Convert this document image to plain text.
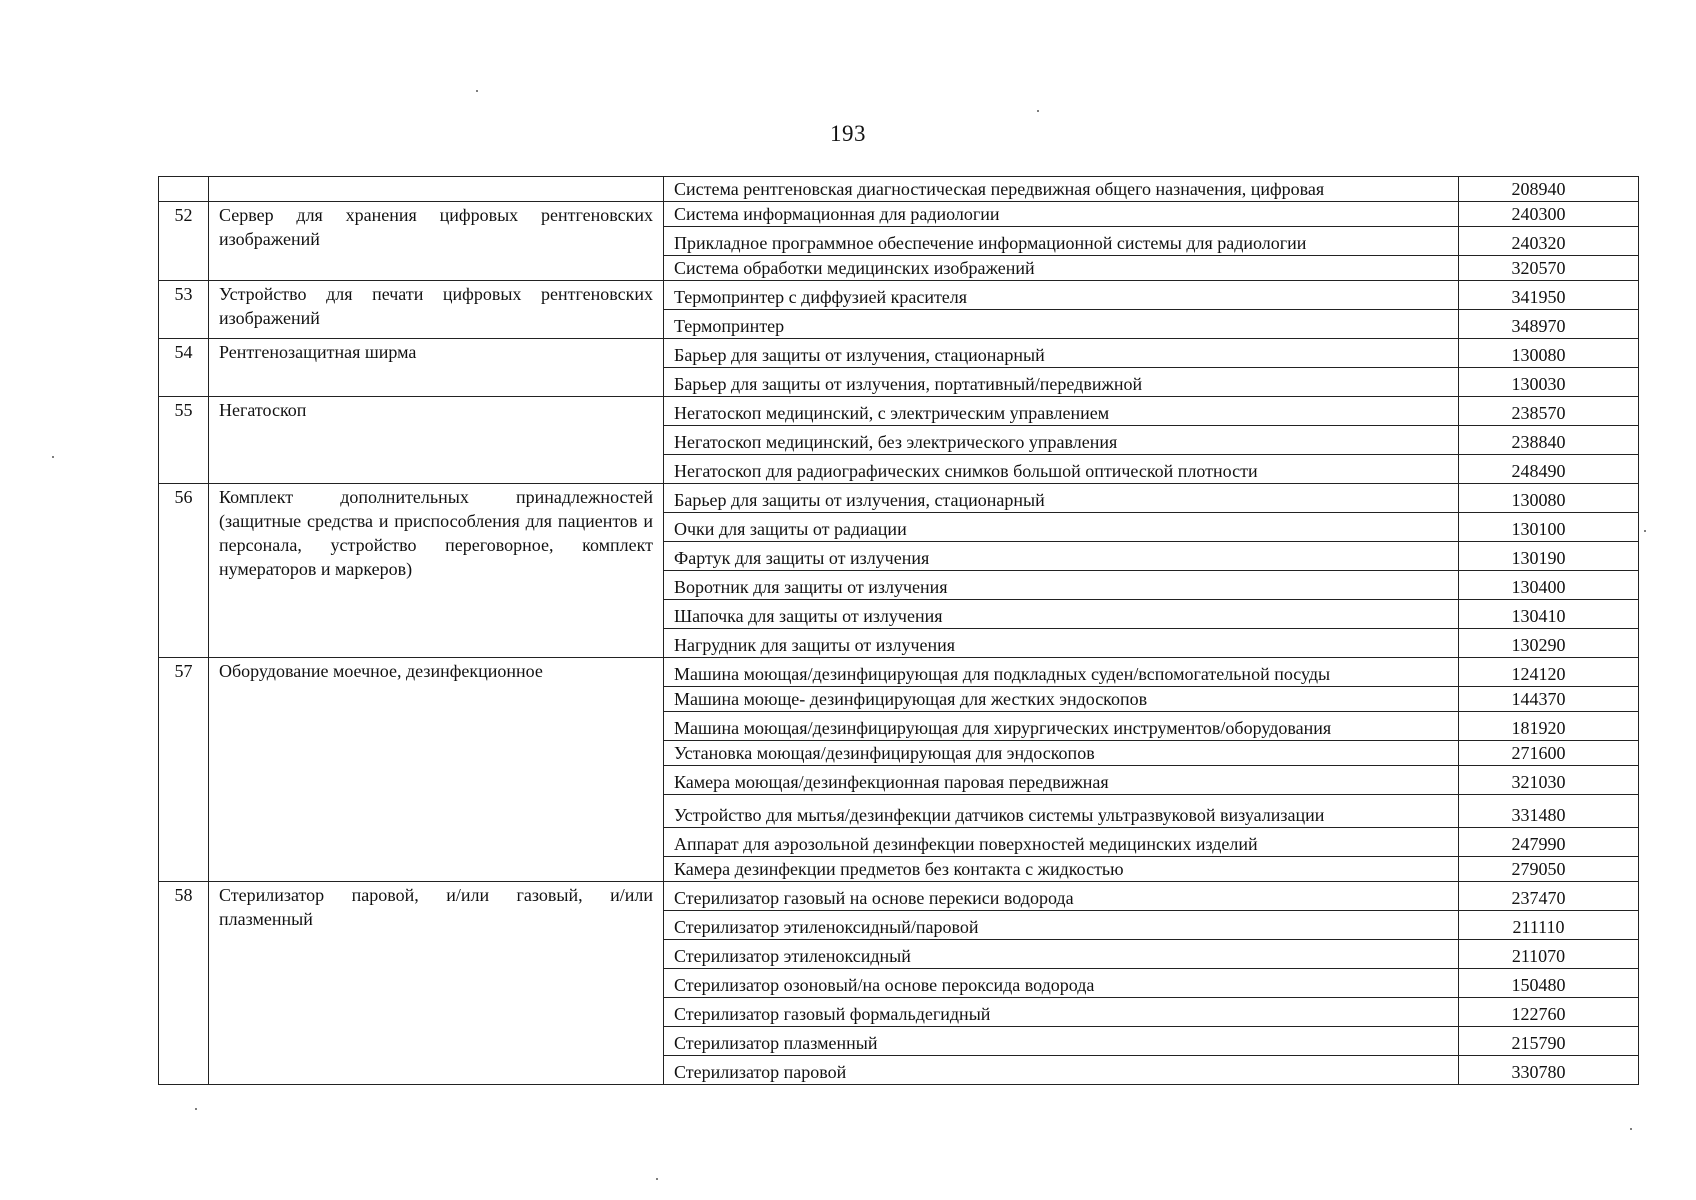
193
		Система рентгеновская диагностическая передвижная общего назначения, цифровая	208940
52	Сервер для хранения цифровых рентгеновских изображений	Система информационная для радиологии	240300
		Прикладное программное обеспечение информационной системы для радиологии	240320
		Система обработки медицинских изображений	320570
53	Устройство для печати цифровых рентгеновских изображений	Термопринтер с диффузией красителя	341950
		Термопринтер	348970
54	Рентгенозащитная ширма	Барьер для защиты от излучения, стационарный	130080
		Барьер для защиты от излучения, портативный/передвижной	130030
55	Негатоскоп	Негатоскоп медицинский, с электрическим управлением	238570
		Негатоскоп медицинский, без электрического управления	238840
		Негатоскоп для радиографических снимков большой оптической плотности	248490
56	Комплект дополнительных принадлежностей (защитные средства и приспособления для пациентов и персонала, устройство переговорное, комплект нумераторов и маркеров)	Барьер для защиты от излучения, стационарный	130080
		Очки для защиты от радиации	130100
		Фартук для защиты от излучения	130190
		Воротник для защиты от излучения	130400
		Шапочка для защиты от излучения	130410
		Нагрудник для защиты от излучения	130290
57	Оборудование моечное, дезинфекционное	Машина моющая/дезинфицирующая для подкладных суден/вспомогательной посуды	124120
		Машина моюще- дезинфицирующая для жестких эндоскопов	144370
		Машина моющая/дезинфицирующая для хирургических инструментов/оборудования	181920
		Установка моющая/дезинфицирующая для эндоскопов	271600
		Камера моющая/дезинфекционная паровая передвижная	321030
		Устройство для мытья/дезинфекции датчиков системы ультразвуковой визуализации	331480
		Аппарат для аэрозольной дезинфекции поверхностей медицинских изделий	247990
		Камера дезинфекции предметов без контакта с жидкостью	279050
58	Стерилизатор паровой, и/или газовый, и/или плазменный	Стерилизатор газовый на основе перекиси водорода	237470
		Стерилизатор этиленоксидный/паровой	211110
		Стерилизатор этиленоксидный	211070
		Стерилизатор озоновый/на основе пероксида водорода	150480
		Стерилизатор газовый формальдегидный	122760
		Стерилизатор плазменный	215790
		Стерилизатор паровой	330780
